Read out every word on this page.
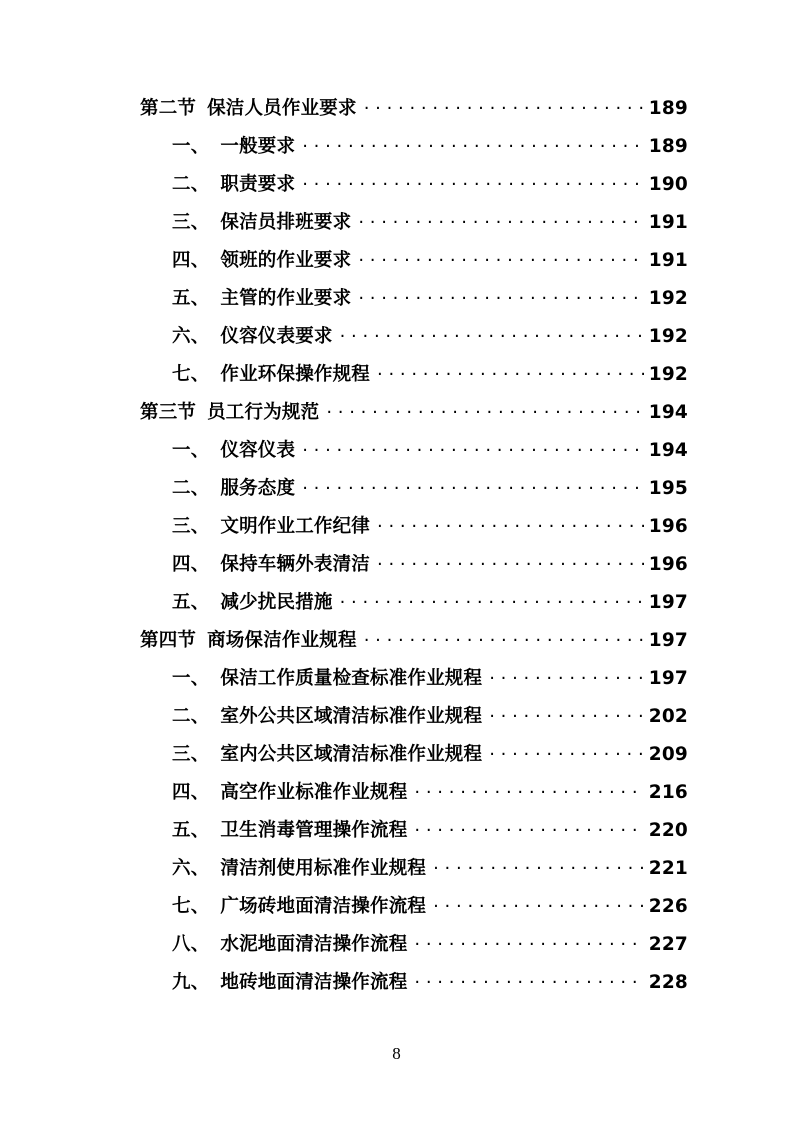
第二节 保洁人员作业要求 . . .	189
一、 一般要求 . . .	189
二、 职责要求 . . .	190
三、 保洁员排班要求 . . .	191
四、 领班的作业要求 . . .	191
五、 主管的作业要求 . . .	192
六、 仪容仪表要求 . . .	192
七、 作业环保操作规程 . . .	192
第三节 员工行为规范 . . .	194
一、 仪容仪表 . . .	194
二、 服务态度 . . .	195
三、 文明作业工作纪律 . . .	196
四、 保持车辆外表清洁 . . .	196
五、 减少扰民措施 . . .	197
第四节 商场保洁作业规程 . . .	197
一、 保洁工作质量检查标准作业规程 . . .	197
二、 室外公共区域清洁标准作业规程 . . .	202
三、 室内公共区域清洁标准作业规程 . . .	209
四、 高空作业标准作业规程 . . .	216
五、 卫生消毒管理操作流程 . . .	220
六、 清洁剂使用标准作业规程 . . .	221
七、 广场砖地面清洁操作流程 . . .	226
八、 水泥地面清洁操作流程 . . .	227
九、 地砖地面清洁操作流程 . . .	228
8
